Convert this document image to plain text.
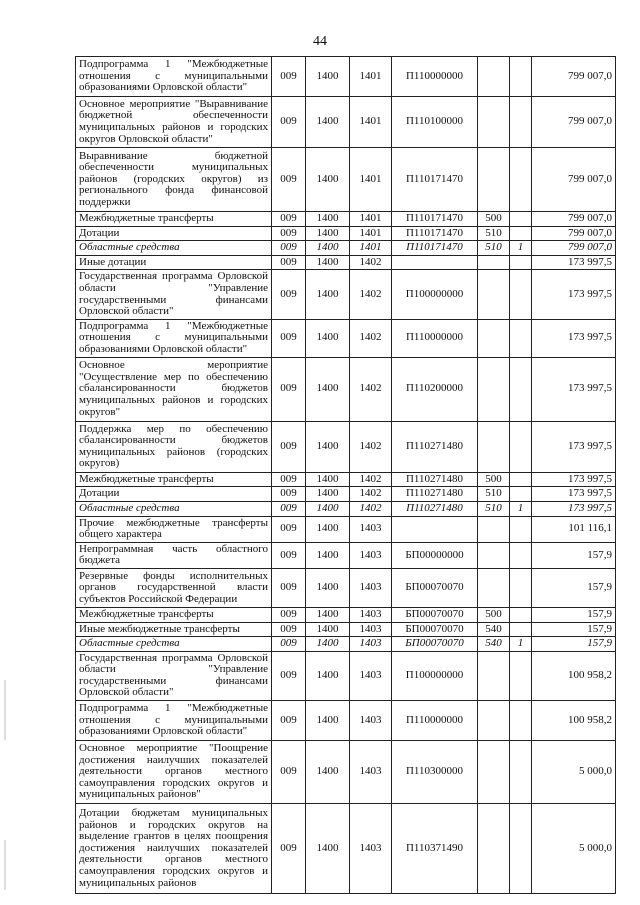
44
Подпрограмма 1 "Межбюджетные отношения с муниципальными образованиями Орловской области"	009	1400	1401	П110000000			799 007,0
Основное мероприятие "Выравнивание бюджетной обеспеченности муниципальных районов и городских округов Орловской области"	009	1400	1401	П110100000			799 007,0
Выравнивание бюджетной обеспеченности муниципальных районов (городских округов) из регионального фонда финансовой поддержки	009	1400	1401	П110171470			799 007,0
Межбюджетные трансферты	009	1400	1401	П110171470	500		799 007,0
Дотации	009	1400	1401	П110171470	510		799 007,0
Областные средства	009	1400	1401	П110171470	510	1	799 007,0
Иные дотации	009	1400	1402				173 997,5
Государственная программа Орловской области "Управление государственными финансами Орловской области"	009	1400	1402	П100000000			173 997,5
Подпрограмма 1 "Межбюджетные отношения с муниципальными образованиями Орловской области"	009	1400	1402	П110000000			173 997,5
Основное мероприятие "Осуществление мер по обеспечению сбалансированности бюджетов муниципальных районов и городских округов"	009	1400	1402	П110200000			173 997,5
Поддержка мер по обеспечению сбалансированности бюджетов муниципальных районов (городских округов)	009	1400	1402	П110271480			173 997,5
Межбюджетные трансферты	009	1400	1402	П110271480	500		173 997,5
Дотации	009	1400	1402	П110271480	510		173 997,5
Областные средства	009	1400	1402	П110271480	510	1	173 997,5
Прочие межбюджетные трансферты общего характера	009	1400	1403				101 116,1
Непрограммная часть областного бюджета	009	1400	1403	БП00000000			157,9
Резервные фонды исполнительных органов государственной власти субъектов Российской Федерации	009	1400	1403	БП00070070			157,9
Межбюджетные трансферты	009	1400	1403	БП00070070	500		157,9
Иные межбюджетные трансферты	009	1400	1403	БП00070070	540		157,9
Областные средства	009	1400	1403	БП00070070	540	1	157,9
Государственная программа Орловской области "Управление государственными финансами Орловской области"	009	1400	1403	П100000000			100 958,2
Подпрограмма 1 "Межбюджетные отношения с муниципальными образованиями Орловской области"	009	1400	1403	П110000000			100 958,2
Основное мероприятие "Поощрение достижения наилучших показателей деятельности органов местного самоуправления городских округов и муниципальных районов"	009	1400	1403	П110300000			5 000,0
Дотации бюджетам муниципальных районов и городских округов на выделение грантов в целях поощрения достижения наилучших показателей деятельности органов местного самоуправления городских округов и муниципальных районов	009	1400	1403	П110371490			5 000,0
